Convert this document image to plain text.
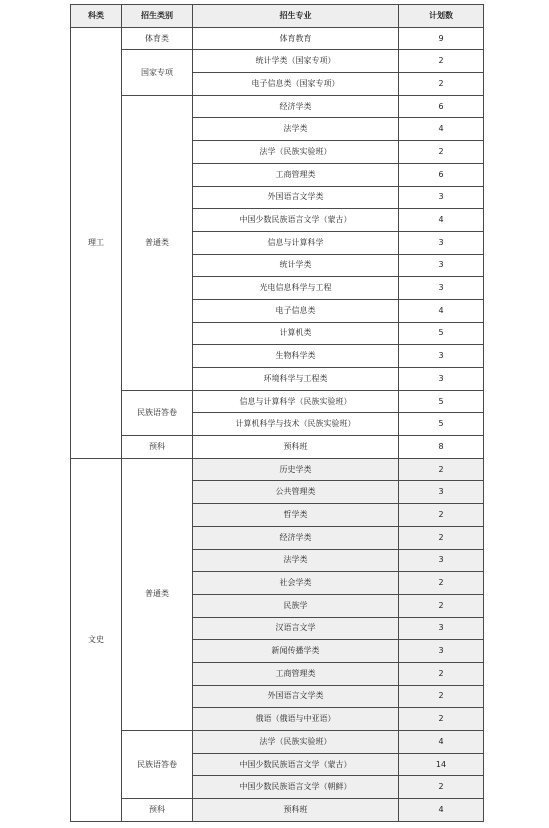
科类	招生类别	招生专业	计划数
理工	体育类	体育教育	9
	国家专项	统计学类（国家专项）	2
		电子信息类（国家专项）	2
	普通类	经济学类	6
		法学类	4
		法学（民族实验班）	2
		工商管理类	6
		外国语言文学类	3
		中国少数民族语言文学（蒙古）	4
		信息与计算科学	3
		统计学类	3
		光电信息科学与工程	3
		电子信息类	4
		计算机类	5
		生物科学类	3
		环境科学与工程类	3
	民族语答卷	信息与计算科学（民族实验班）	5
		计算机科学与技术（民族实验班）	5
	预科	预科班	8
文史	普通类	历史学类	2
		公共管理类	3
		哲学类	2
		经济学类	2
		法学类	3
		社会学类	2
		民族学	2
		汉语言文学	3
		新闻传播学类	3
		工商管理类	2
		外国语言文学类	2
		俄语（俄语与中亚语）	2
	民族语答卷	法学（民族实验班）	4
		中国少数民族语言文学（蒙古）	14
		中国少数民族语言文学（朝鲜）	2
	预科	预科班	4
